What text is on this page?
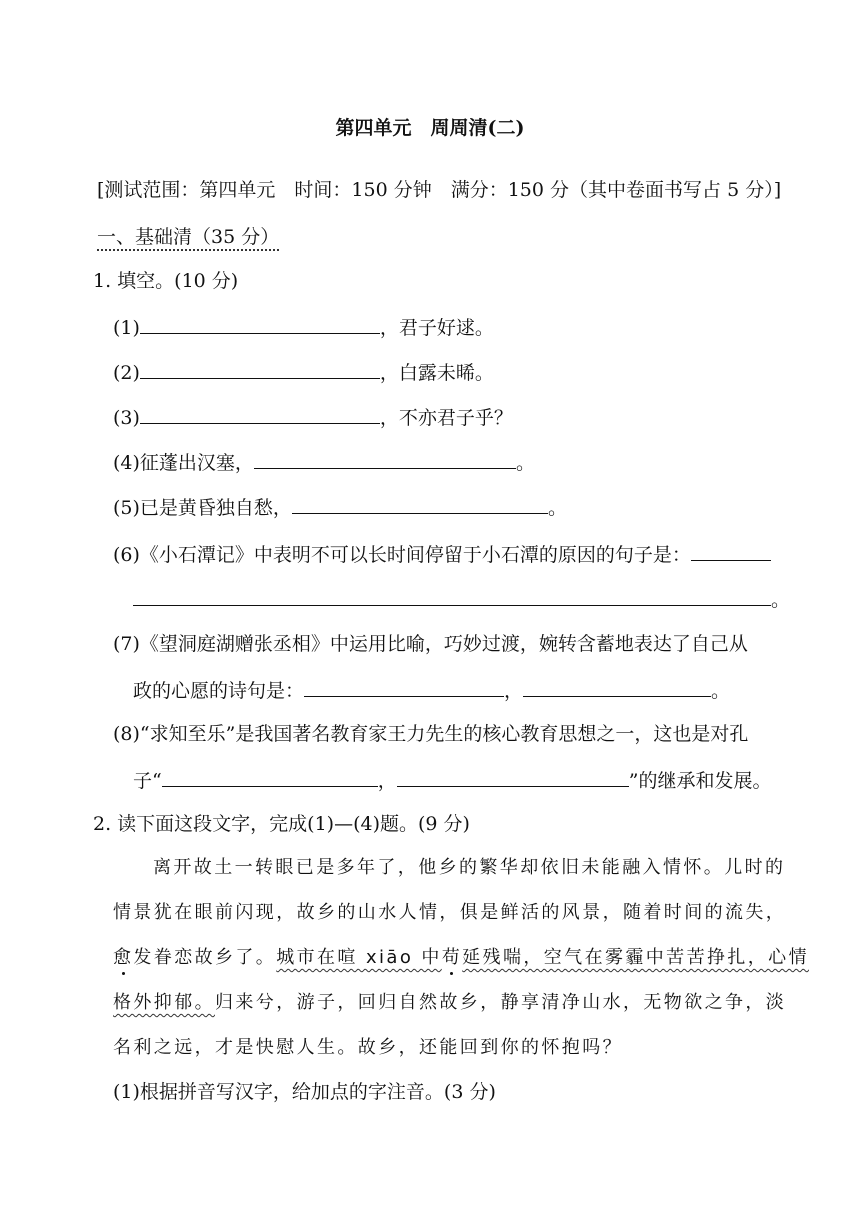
第四单元　周周清(二)
[测试范围：第四单元　时间：150 分钟　满分：150 分（其中卷面书写占 5 分）]
一、基础清（35 分）
1. 填空。(10 分)
(1)	，君子好逑。
(2)	，白露未晞。
(3)	，不亦君子乎？
(4)征蓬出汉塞，	。
(5)已是黄昏独自愁，	。
(6)《小石潭记》中表明不可以长时间停留于小石潭的原因的句子是：
。
(7)《望洞庭湖赠张丞相》中运用比喻，巧妙过渡，婉转含蓄地表达了自己从
政的心愿的诗句是：	，	。
(8)“求知至乐”是我国著名教育家王力先生的核心教育思想之一，这也是对孔
子“	，	”的继承和发展。
2. 读下面这段文字，完成(1)—(4)题。(9 分)
离开故土一转眼已是多年了，他乡的繁华却依旧未能融入情怀。儿时的
情景犹在眼前闪现，故乡的山水人情，俱是鲜活的风景，随着时间的流失，
愈发眷恋故乡了。城市在喧 xiāo 中苟延残喘，空气在雾霾中苦苦挣扎，心情
格外抑郁。归来兮，游子，回归自然故乡，静享清净山水，无物欲之争，淡
名利之远，才是快慰人生。故乡，还能回到你的怀抱吗？
(1)根据拼音写汉字，给加点的字注音。(3 分)
